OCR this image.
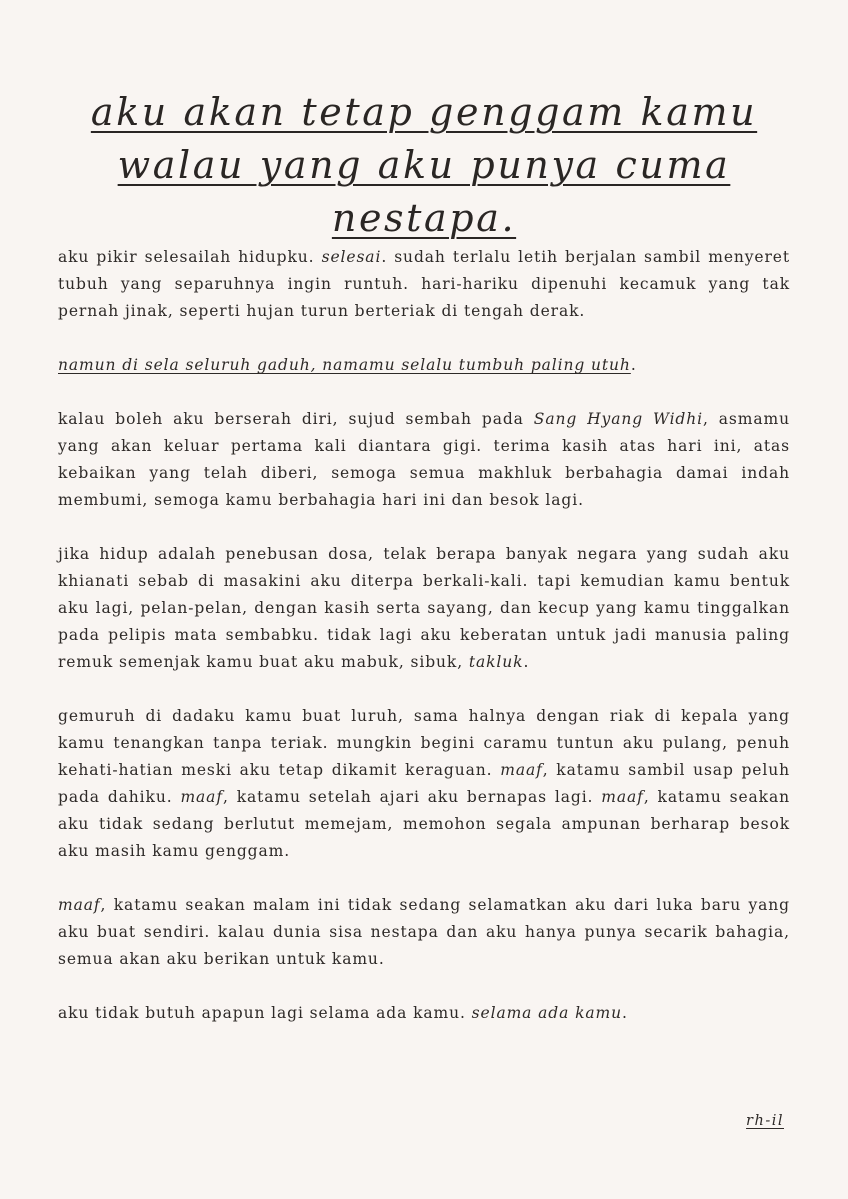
aku akan tetap genggam kamu
walau yang aku punya cuma
nestapa.

aku pikir selesailah hidupku. selesai. sudah terlalu letih berjalan sambil menyeret tubuh yang separuhnya ingin runtuh. hari-hariku dipenuhi kecamuk yang tak pernah jinak, seperti hujan turun berteriak di tengah derak.

namun di sela seluruh gaduh, namamu selalu tumbuh paling utuh.

kalau boleh aku berserah diri, sujud sembah pada Sang Hyang Widhi, asmamu yang akan keluar pertama kali diantara gigi. terima kasih atas hari ini, atas kebaikan yang telah diberi, semoga semua makhluk berbahagia damai indah membumi, semoga kamu berbahagia hari ini dan besok lagi.

jika hidup adalah penebusan dosa, telak berapa banyak negara yang sudah aku khianati sebab di masakini aku diterpa berkali-kali. tapi kemudian kamu bentuk aku lagi, pelan-pelan, dengan kasih serta sayang, dan kecup yang kamu tinggalkan pada pelipis mata sembabku. tidak lagi aku keberatan untuk jadi manusia paling remuk semenjak kamu buat aku mabuk, sibuk, takluk.

gemuruh di dadaku kamu buat luruh, sama halnya dengan riak di kepala yang kamu tenangkan tanpa teriak. mungkin begini caramu tuntun aku pulang, penuh kehati-hatian meski aku tetap dikamit keraguan. maaf, katamu sambil usap peluh pada dahiku. maaf, katamu setelah ajari aku bernapas lagi. maaf, katamu seakan aku tidak sedang berlutut memejam, memohon segala ampunan berharap besok aku masih kamu genggam.

maaf, katamu seakan malam ini tidak sedang selamatkan aku dari luka baru yang aku buat sendiri. kalau dunia sisa nestapa dan aku hanya punya secarik bahagia, semua akan aku berikan untuk kamu.

aku tidak butuh apapun lagi selama ada kamu. selama ada kamu.

rh-il
